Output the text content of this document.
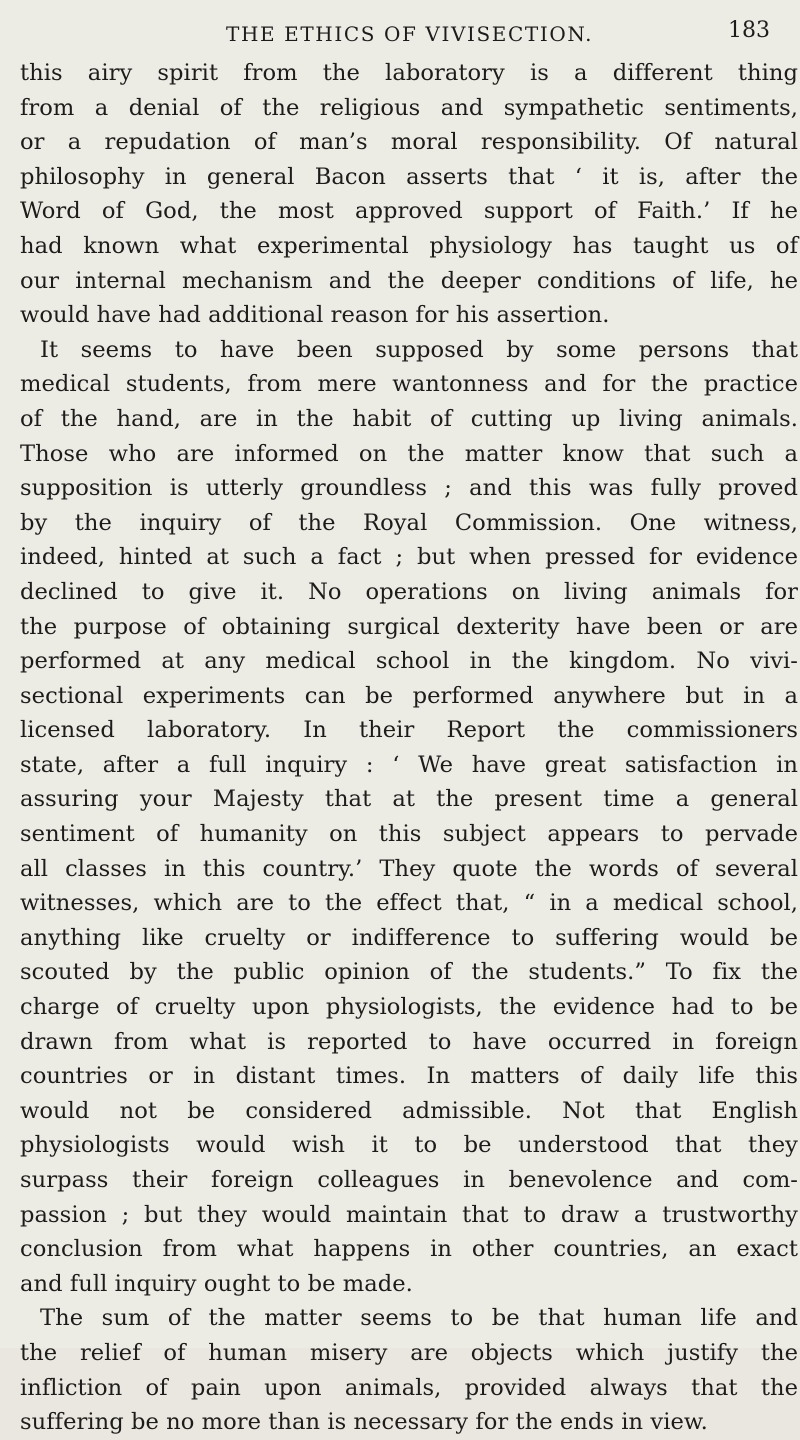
THE ETHICS OF VIVISECTION.	183
this airy spirit from the laboratory is a different thing
from a denial of the religious and sympathetic sentiments,
or a repudation of man’s moral responsibility. Of natural
philosophy in general Bacon asserts that ‘ it is, after the
Word of God, the most approved support of Faith.’ If he
had known what experimental physiology has taught us of
our internal mechanism and the deeper conditions of life, he
would have had additional reason for his assertion.
It seems to have been supposed by some persons that
medical students, from mere wantonness and for the practice
of the hand, are in the habit of cutting up living animals.
Those who are informed on the matter know that such a
supposition is utterly groundless ; and this was fully proved
by the inquiry of the Royal Commission. One witness,
indeed, hinted at such a fact ; but when pressed for evidence
declined to give it. No operations on living animals for
the purpose of obtaining surgical dexterity have been or are
performed at any medical school in the kingdom. No vivi-
sectional experiments can be performed anywhere but in a
licensed laboratory. In their Report the commissioners
state, after a full inquiry : ‘ We have great satisfaction in
assuring your Majesty that at the present time a general
sentiment of humanity on this subject appears to pervade
all classes in this country.’ They quote the words of several
witnesses, which are to the effect that, “ in a medical school,
anything like cruelty or indifference to suffering would be
scouted by the public opinion of the students.” To fix the
charge of cruelty upon physiologists, the evidence had to be
drawn from what is reported to have occurred in foreign
countries or in distant times. In matters of daily life this
would not be considered admissible. Not that English
physiologists would wish it to be understood that they
surpass their foreign colleagues in benevolence and com-
passion ; but they would maintain that to draw a trustworthy
conclusion from what happens in other countries, an exact
and full inquiry ought to be made.
The sum of the matter seems to be that human life and
the relief of human misery are objects which justify the
infliction of pain upon animals, provided always that the
suffering be no more than is necessary for the ends in view.
